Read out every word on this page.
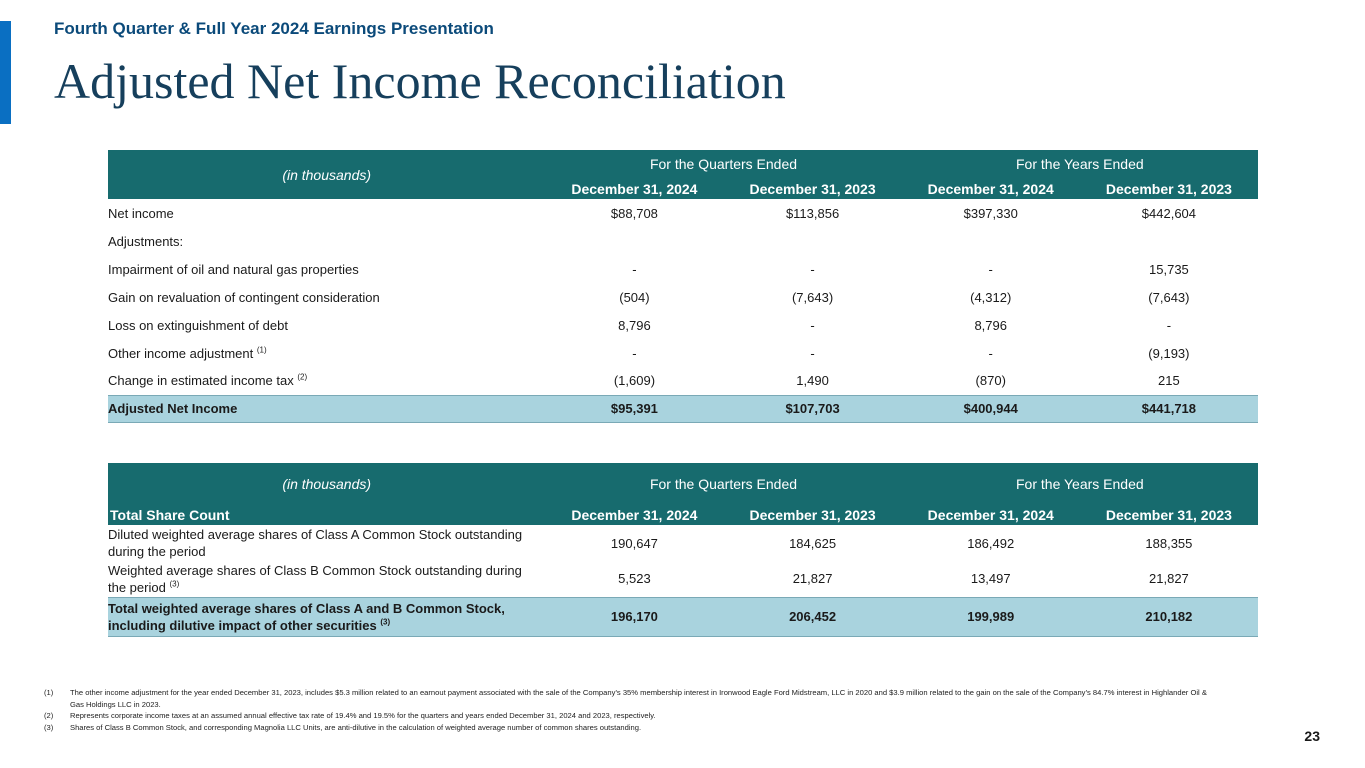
Fourth Quarter & Full Year 2024 Earnings Presentation
Adjusted Net Income Reconciliation
(in thousands)	For the Quarters Ended		For the Years Ended	
	December 31, 2024	December 31, 2023	December 31, 2024	December 31, 2023
Net income	$88,708	$113,856	$397,330	$442,604
Adjustments:				
Impairment of oil and natural gas properties	-	-	-	15,735
Gain on revaluation of contingent consideration	(504)	(7,643)	(4,312)	(7,643)
Loss on extinguishment of debt	8,796	-	8,796	-
Other income adjustment $^{(1)}$	-	-	-	(9,193)
Change in estimated income tax $^{(2)}$	(1,609)	1,490	(870)	215
Adjusted Net Income	$95,391	$107,703	$400,944	$441,718
(in thousands)	For the Quarters Ended		For the Years Ended	
Total Share Count	December 31, 2024	December 31, 2023	December 31, 2024	December 31, 2023
Diluted weighted average shares of Class A Common Stock outstanding during the period	190,647	184,625	186,492	188,355
Weighted average shares of Class B Common Stock outstanding during the period $^{(3)}$	5,523	21,827	13,497	21,827
Total weighted average shares of Class A and B Common Stock, including dilutive impact of other securities $^{(3)}$	196,170	206,452	199,989	210,182
(1)	The other income adjustment for the year ended December 31, 2023, includes $5.3 million related to an earnout payment associated with the sale of the Company’s 35% membership interest in Ironwood Eagle Ford Midstream, LLC in 2020 and $3.9 million related to the gain on the sale of the Company’s 84.7% interest in Highlander Oil & Gas Holdings LLC in 2023.
(2)	Represents corporate income taxes at an assumed annual effective tax rate of 19.4% and 19.5% for the quarters and years ended December 31, 2024 and 2023, respectively.
(3)	Shares of Class B Common Stock, and corresponding Magnolia LLC Units, are anti-dilutive in the calculation of weighted average number of common shares outstanding.
23
